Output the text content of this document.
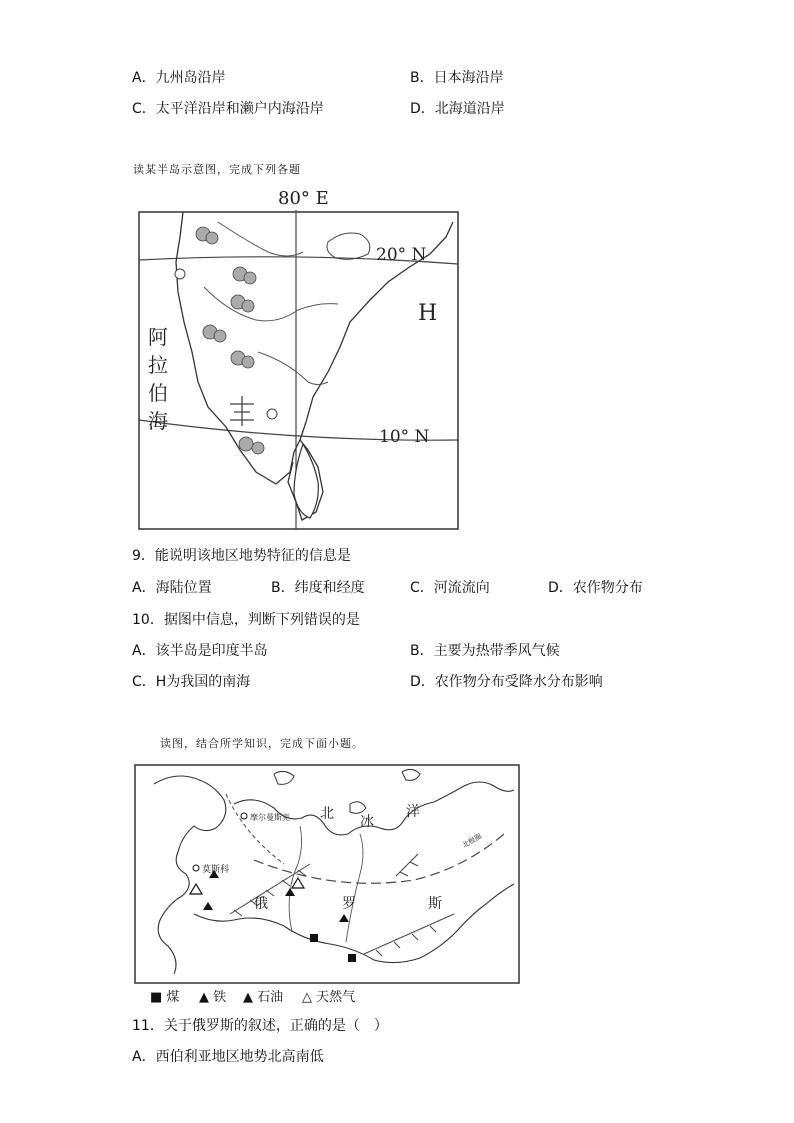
A．九州岛沿岸	B．日本海沿岸
C．太平洋沿岸和濑户内海沿岸	D．北海道沿岸
读某半岛示意图，完成下列各题
80° E
20° N
10° N
H
阿
拉
伯
海
9．能说明该地区地势特征的信息是
A．海陆位置	B．纬度和经度	C．河流流向	D．农作物分布
10．据图中信息，判断下列错误的是
A．该半岛是印度半岛	B．主要为热带季风气候
C．H为我国的南海	D．农作物分布受降水分布影响
读图，结合所学知识，完成下面小题。
北 冰
洋
俄	罗	斯
摩尔曼斯克
莫斯科
北极圈
■ 煤 ▲ 铁 ▲ 石油 △ 天然气
11．关于俄罗斯的叙述，正确的是（　）
A．西伯利亚地区地势北高南低
